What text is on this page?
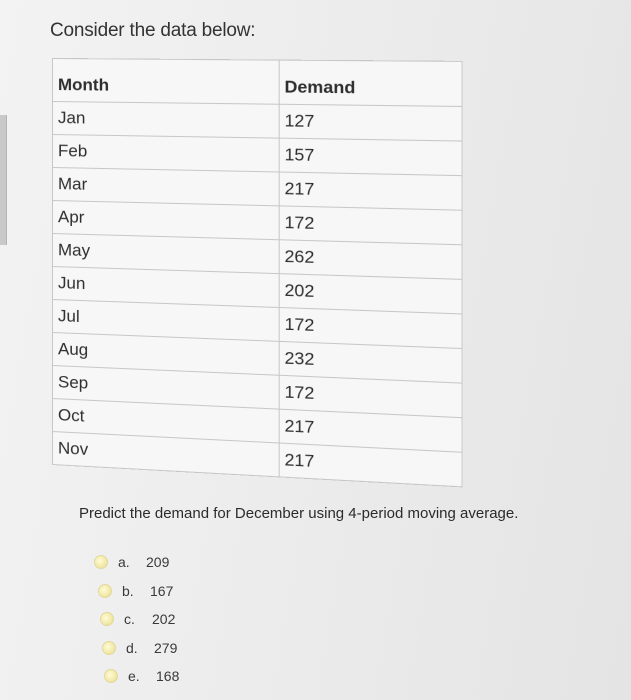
Consider the data below:
Month	Demand
Jan	127
Feb	157
Mar	217
Apr	172
May	262
Jun	202
Jul	172
Aug	232
Sep	172
Oct	217
Nov	217
Predict the demand for December using 4-period moving average.
a.	209
b.	167
c.	202
d.	279
e.	168
